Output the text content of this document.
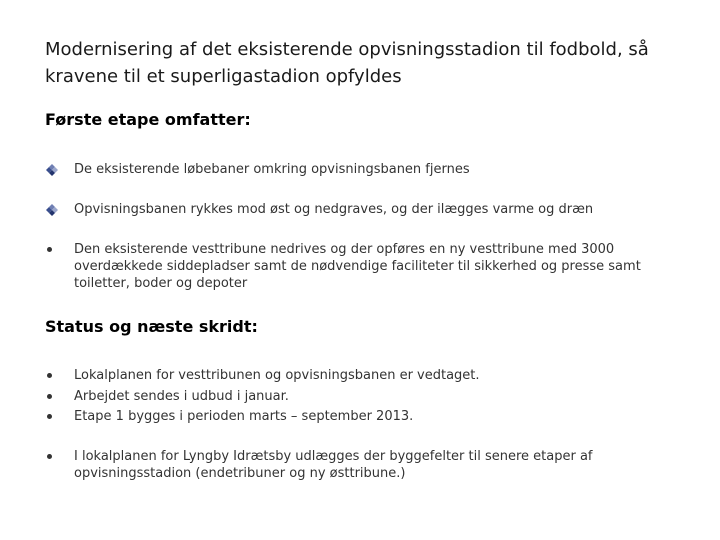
Modernisering af det eksisterende opvisningsstadion til fodbold, så kravene til et superligastadion opfyldes
Første etape omfatter:
De eksisterende løbebaner omkring opvisningsbanen fjernes
Opvisningsbanen rykkes mod øst og nedgraves, og der ilægges varme og dræn
Den eksisterende vesttribune nedrives og der opføres en ny vesttribune med 3000 overdækkede siddepladser samt de nødvendige faciliteter til sikkerhed og presse samt toiletter, boder og depoter
Status og næste skridt:
Lokalplanen for vesttribunen og opvisningsbanen er vedtaget.
Arbejdet sendes i udbud i januar.
Etape 1 bygges i perioden marts – september 2013.
I lokalplanen for Lyngby Idrætsby udlægges der byggefelter til senere etaper af opvisningsstadion (endetribuner og ny østtribune.)
